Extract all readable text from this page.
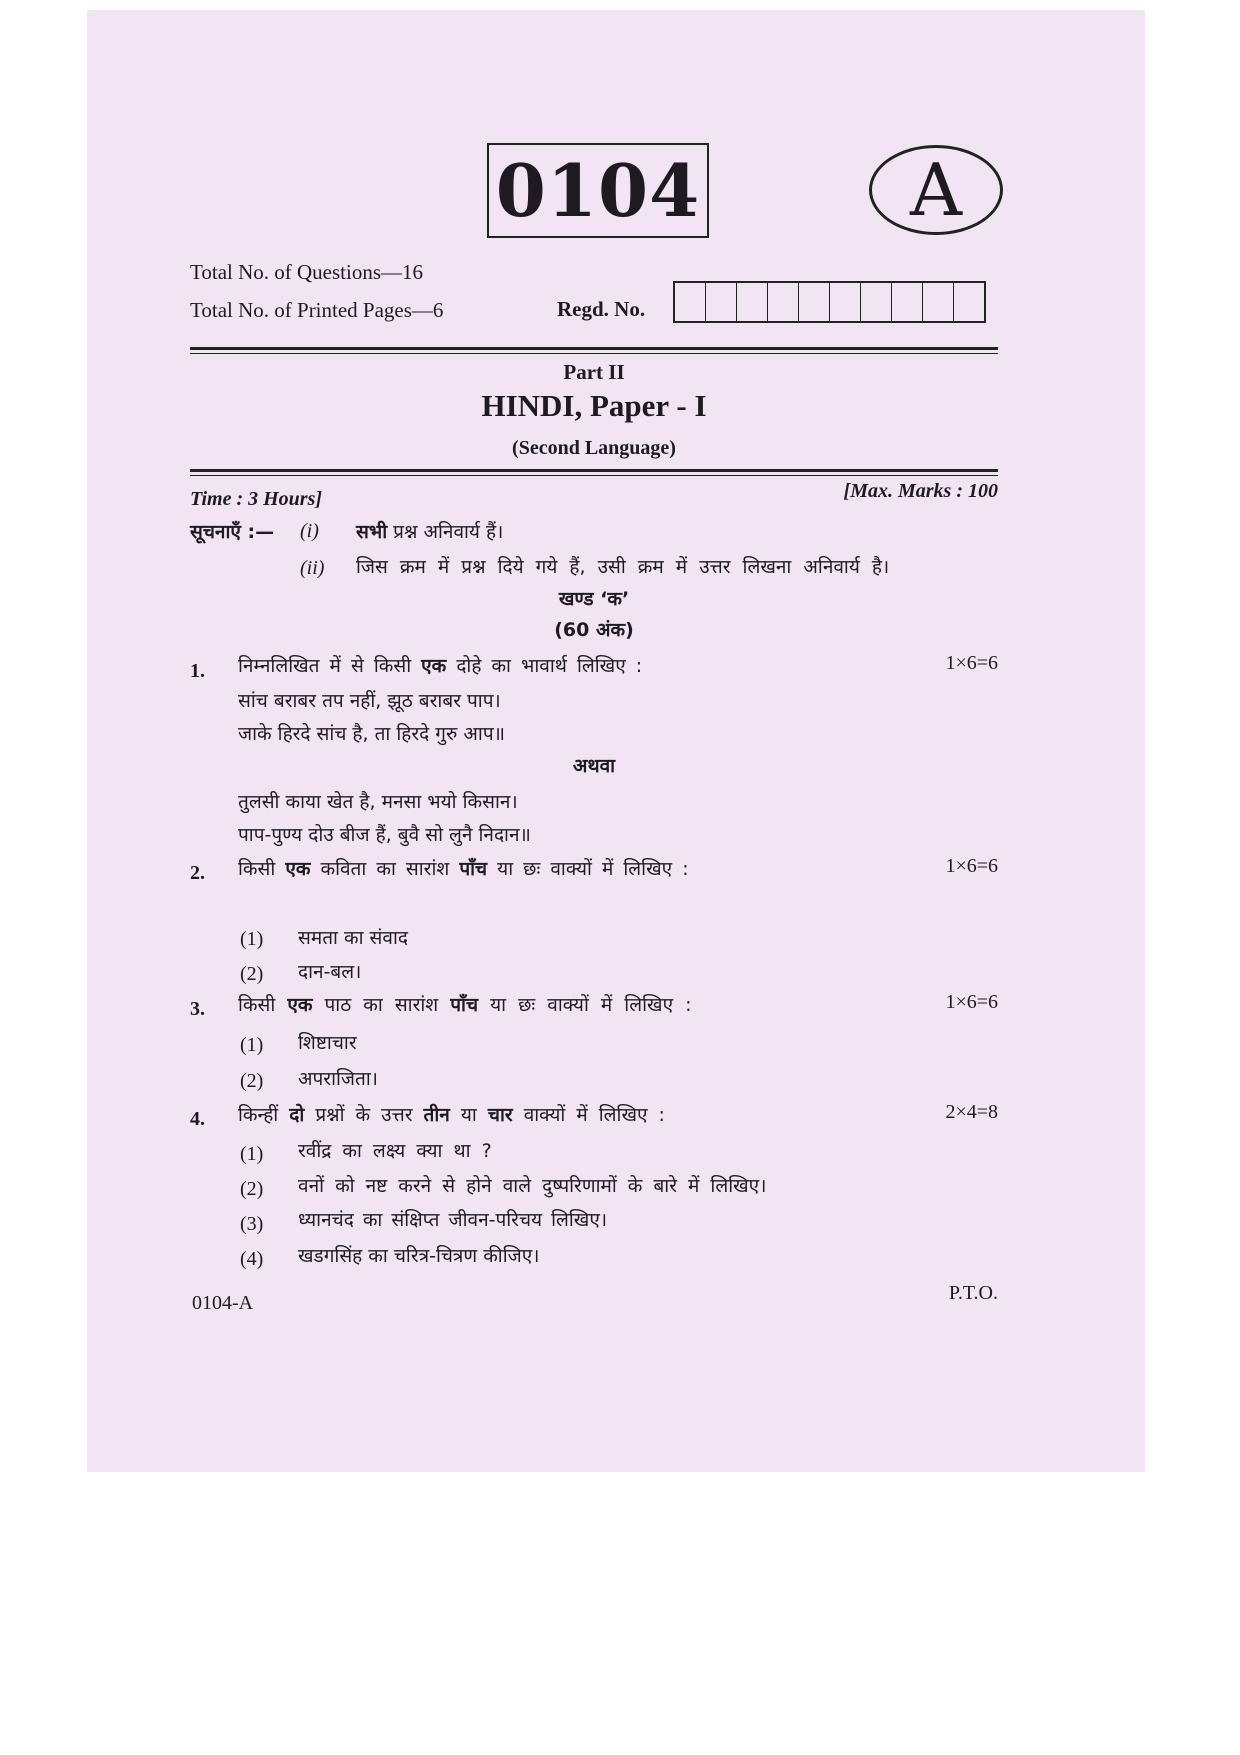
0104	A
Total No. of Questions—16
Total No. of Printed Pages—6	Regd. No.
Part II
HINDI, Paper - I
(Second Language)
Time : 3 Hours]	[Max. Marks : 100
सूचनाएँ :— (i) सभी प्रश्न अनिवार्य हैं।
(ii) जिस क्रम में प्रश्न दिये गये हैं, उसी क्रम में उत्तर लिखना अनिवार्य है।
खण्ड ‘क’
(60 अंक)
1. निम्नलिखित में से किसी एक दोहे का भावार्थ लिखिए :	1×6=6
सांच बराबर तप नहीं, झूठ बराबर पाप।
जाके हिरदे सांच है, ता हिरदे गुरु आप॥
अथवा
तुलसी काया खेत है, मनसा भयो किसान।
पाप-पुण्य दोउ बीज हैं, बुवै सो लुनै निदान॥
2. किसी एक कविता का सारांश पाँच या छः वाक्यों में लिखिए :	1×6=6
(1) समता का संवाद
(2) दान-बल।
3. किसी एक पाठ का सारांश पाँच या छः वाक्यों में लिखिए :	1×6=6
(1) शिष्टाचार
(2) अपराजिता।
4. किन्हीं दो प्रश्नों के उत्तर तीन या चार वाक्यों में लिखिए :	2×4=8
(1) रवींद्र का लक्ष्य क्या था ?
(2) वनों को नष्ट करने से होने वाले दुष्परिणामों के बारे में लिखिए।
(3) ध्यानचंद का संक्षिप्त जीवन-परिचय लिखिए।
(4) खडगसिंह का चरित्र-चित्रण कीजिए।
0104-A	P.T.O.
